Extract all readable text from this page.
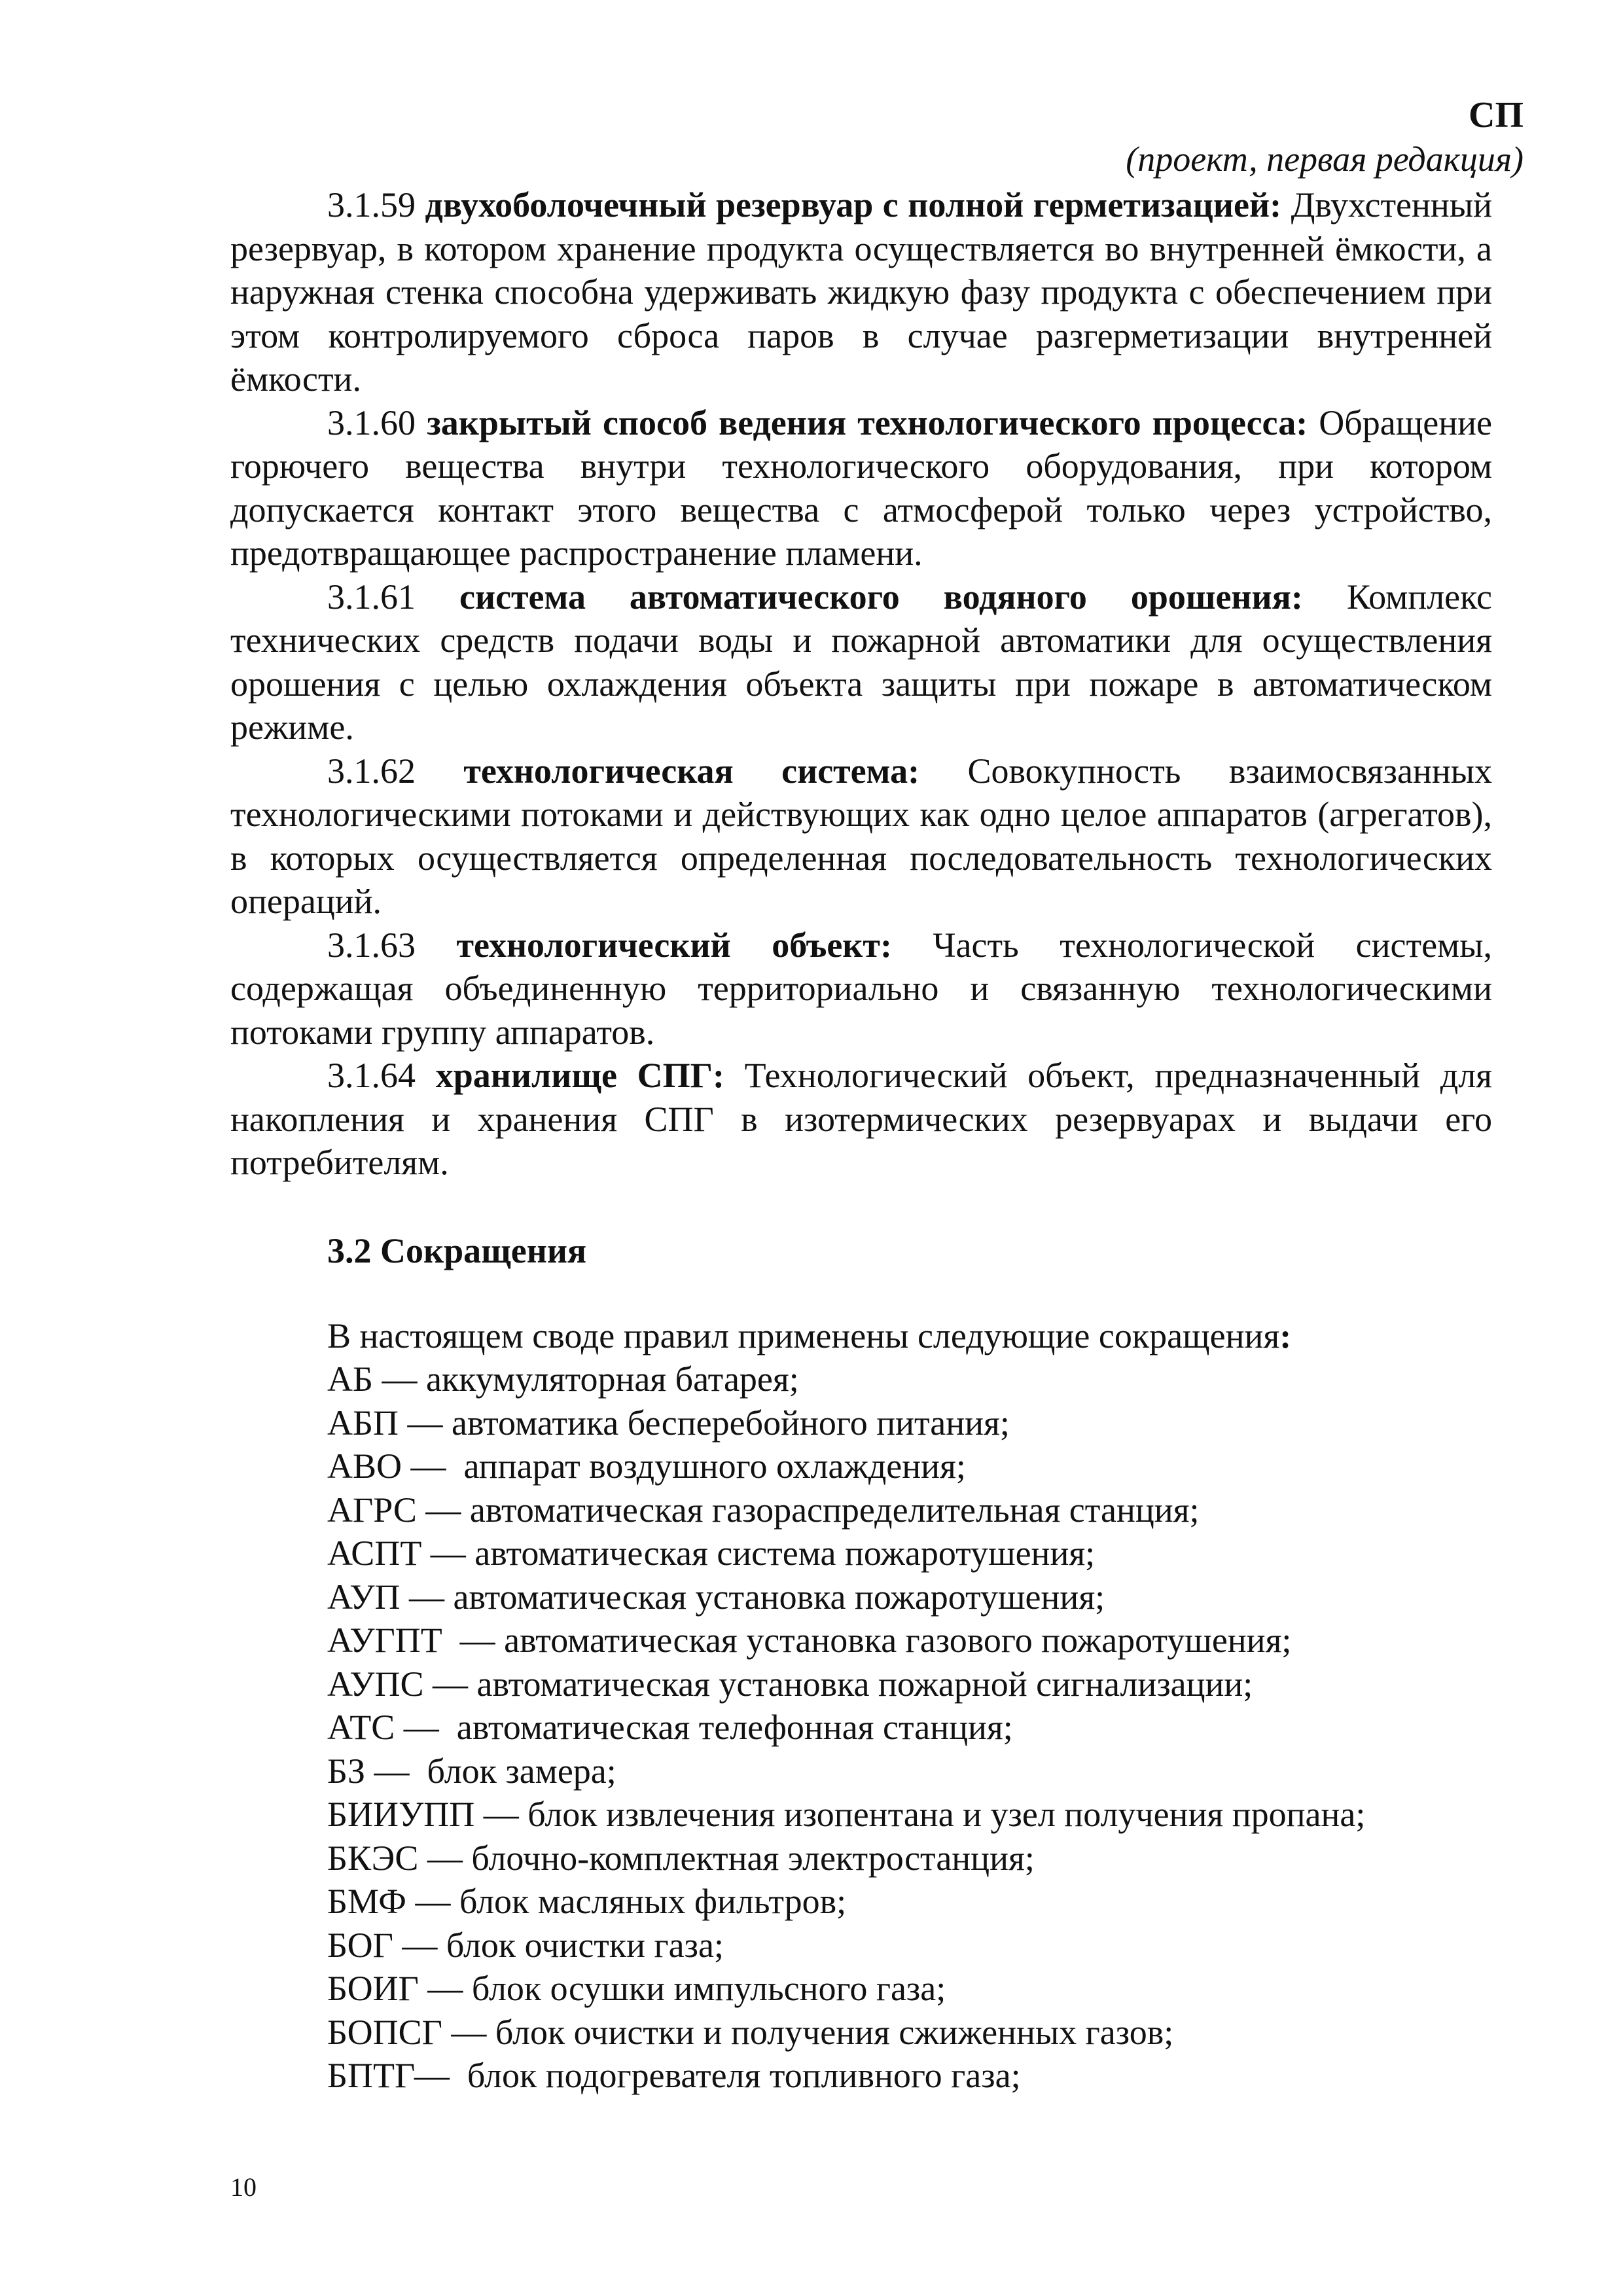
СП
(проект, первая редакция)

3.1.59 двухоболочечный резервуар с полной герметизацией: Двухстенный резервуар, в котором хранение продукта осуществляется во внутренней ёмкости, а наружная стенка способна удерживать жидкую фазу продукта с обеспечением при этом контролируемого сброса паров в случае разгерметизации внутренней ёмкости.

3.1.60 закрытый способ ведения технологического процесса: Обращение горючего вещества внутри технологического оборудования, при котором допускается контакт этого вещества с атмосферой только через устройство, предотвращающее распространение пламени.

3.1.61 система автоматического водяного орошения: Комплекс технических средств подачи воды и пожарной автоматики для осуществления орошения с целью охлаждения объекта защиты при пожаре в автоматическом режиме.

3.1.62 технологическая система: Совокупность взаимосвязанных технологическими потоками и действующих как одно целое аппаратов (агрегатов), в которых осуществляется определенная последовательность технологических операций.

3.1.63 технологический объект: Часть технологической системы, содержащая объединенную территориально и связанную технологическими потоками группу аппаратов.

3.1.64 хранилище СПГ: Технологический объект, предназначенный для накопления и хранения СПГ в изотермических резервуарах и выдачи его потребителям.

3.2 Сокращения
В настоящем своде правил применены следующие сокращения:
АБ — аккумуляторная батарея;
АБП — автоматика бесперебойного питания;
АВО —  аппарат воздушного охлаждения;
АГРС — автоматическая газораспределительная станция;
АСПТ — автоматическая система пожаротушения;
АУП — автоматическая установка пожаротушения;
АУГПТ  — автоматическая установка газового пожаротушения;
АУПС — автоматическая установка пожарной сигнализации;
АТС —  автоматическая телефонная станция;
БЗ —  блок замера;
БИИУПП — блок извлечения изопентана и узел получения пропана;
БКЭС — блочно-комплектная электростанция;
БМФ — блок масляных фильтров;
БОГ — блок очистки газа;
БОИГ — блок осушки импульсного газа;
БОПСГ — блок очистки и получения сжиженных газов;
БПТГ—  блок подогревателя топливного газа;
10
